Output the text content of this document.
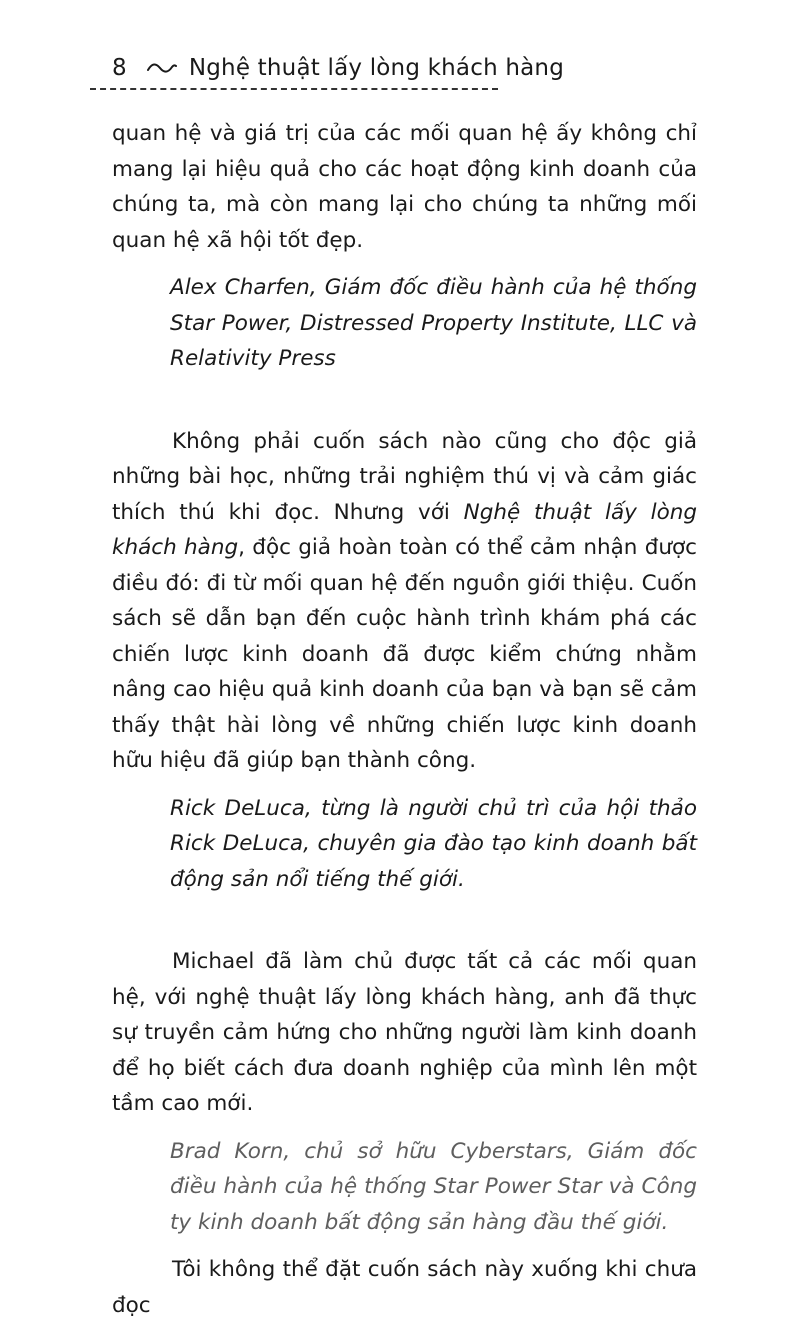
8	Nghệ thuật lấy lòng khách hàng

quan hệ và giá trị của các mối quan hệ ấy không chỉ mang lại hiệu quả cho các hoạt động kinh doanh của chúng ta, mà còn mang lại cho chúng ta những mối quan hệ xã hội tốt đẹp.

Alex Charfen, Giám đốc điều hành của hệ thống Star Power, Distressed Property Institute, LLC và Relativity Press

Không phải cuốn sách nào cũng cho độc giả những bài học, những trải nghiệm thú vị và cảm giác thích thú khi đọc. Nhưng với Nghệ thuật lấy lòng khách hàng, độc giả hoàn toàn có thể cảm nhận được điều đó: đi từ mối quan hệ đến nguồn giới thiệu. Cuốn sách sẽ dẫn bạn đến cuộc hành trình khám phá các chiến lược kinh doanh đã được kiểm chứng nhằm nâng cao hiệu quả kinh doanh của bạn và bạn sẽ cảm thấy thật hài lòng về những chiến lược kinh doanh hữu hiệu đã giúp bạn thành công.

Rick DeLuca, từng là người chủ trì của hội thảo Rick DeLuca, chuyên gia đào tạo kinh doanh bất động sản nổi tiếng thế giới.

Michael đã làm chủ được tất cả các mối quan hệ, với nghệ thuật lấy lòng khách hàng, anh đã thực sự truyền cảm hứng cho những người làm kinh doanh để họ biết cách đưa doanh nghiệp của mình lên một tầm cao mới.

Brad Korn, chủ sở hữu Cyberstars, Giám đốc điều hành của hệ thống Star Power Star và Công ty kinh doanh bất động sản hàng đầu thế giới.

Tôi không thể đặt cuốn sách này xuống khi chưa đọc
